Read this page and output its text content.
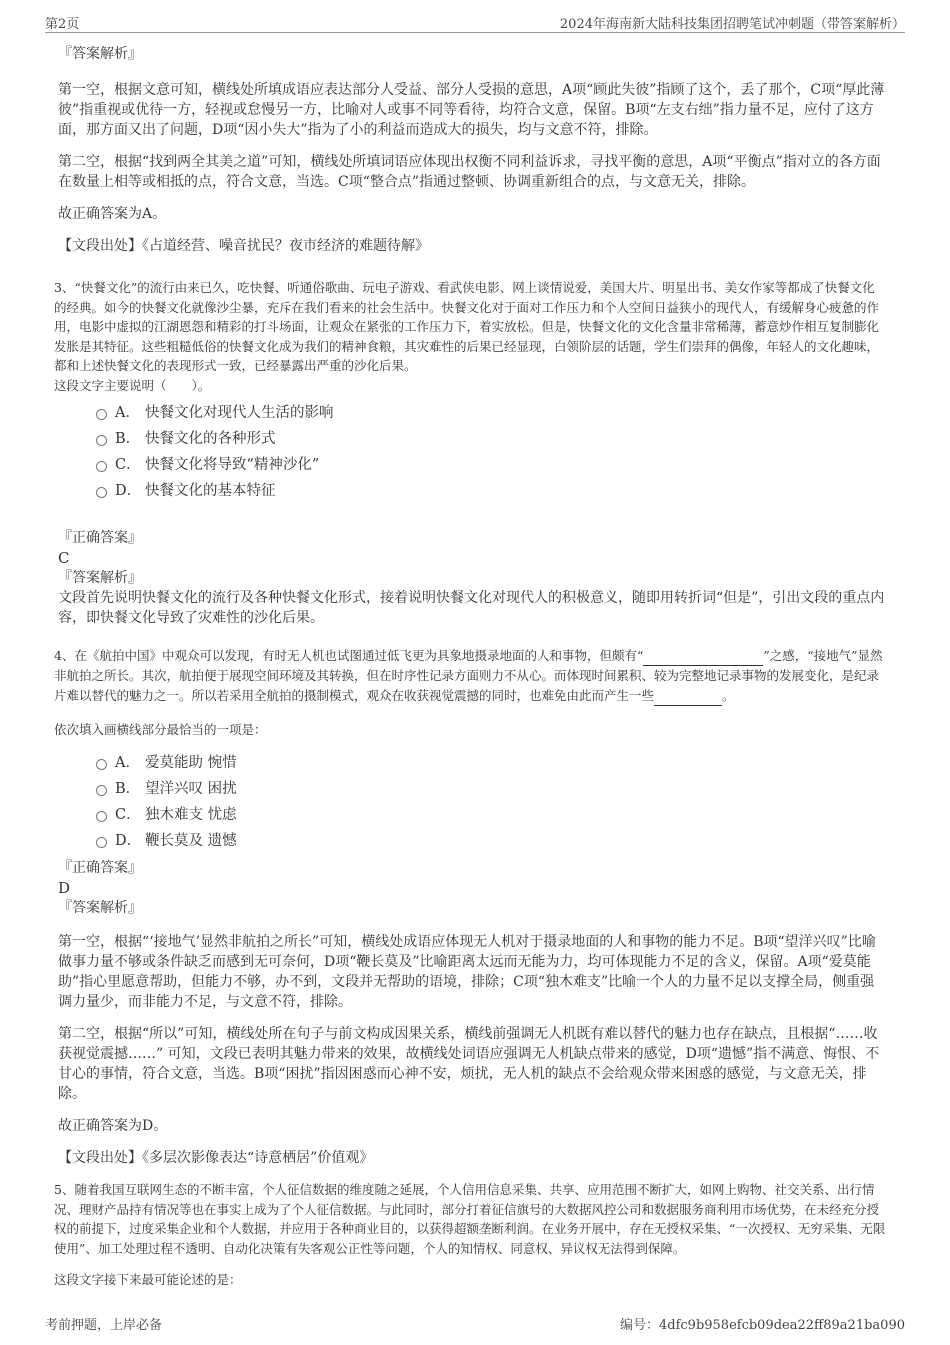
第2页	2024年海南新大陆科技集团招聘笔试冲刺题（带答案解析）
『答案解析』

第一空，根据文意可知，横线处所填成语应表达部分人受益、部分人受损的意思，A项“顾此失彼”指顾了这个，丢了那个，C项“厚此薄彼”指重视或优待一方，轻视或怠慢另一方，比喻对人或事不同等看待，均符合文意，保留。B项“左支右绌”指力量不足，应付了这方面，那方面又出了问题，D项“因小失大”指为了小的利益而造成大的损失，均与文意不符，排除。

第二空，根据“找到两全其美之道”可知，横线处所填词语应体现出权衡不同利益诉求，寻找平衡的意思，A项“平衡点”指对立的各方面在数量上相等或相抵的点，符合文意，当选。C项“整合点”指通过整顿、协调重新组合的点，与文意无关，排除。

故正确答案为A。

【文段出处】《占道经营、噪音扰民？夜市经济的难题待解》

3、“快餐文化”的流行由来已久，吃快餐、听通俗歌曲、玩电子游戏、看武侠电影、网上谈情说爱，美国大片、明星出书、美女作家等都成了快餐文化的经典。如今的快餐文化就像沙尘暴，充斥在我们看来的社会生活中。快餐文化对于面对工作压力和个人空间日益狭小的现代人，有缓解身心疲惫的作用，电影中虚拟的江湖恩怨和精彩的打斗场面，让观众在紧张的工作压力下，着实放松。但是，快餐文化的文化含量非常稀薄，蓄意炒作相互复制膨化发胀是其特征。这些粗糙低俗的快餐文化成为我们的精神食粮，其灾难性的后果已经显现，白领阶层的话题，学生们崇拜的偶像，年轻人的文化趣味，都和上述快餐文化的表现形式一致，已经暴露出严重的沙化后果。

这段文字主要说明（　　）。

A． 快餐文化对现代人生活的影响
B． 快餐文化的各种形式
C． 快餐文化将导致“精神沙化”
D． 快餐文化的基本特征
『正确答案』
C
『答案解析』

文段首先说明快餐文化的流行及各种快餐文化形式，接着说明快餐文化对现代人的积极意义，随即用转折词“但是”，引出文段的重点内容，即快餐文化导致了灾难性的沙化后果。

4、在《航拍中国》中观众可以发现，有时无人机也试图通过低飞更为具象地摄录地面的人和事物，但颇有“	”之感，“接地气”显然非航拍之所长。其次，航拍便于展现空间环境及其转换，但在时序性记录方面则力不从心。而体现时间累积、较为完整地记录事物的发展变化，是纪录片难以替代的魅力之一。所以若采用全航拍的摄制模式，观众在收获视觉震撼的同时，也难免由此而产生一些	。

依次填入画横线部分最恰当的一项是：

A． 爱莫能助 惋惜
B． 望洋兴叹 困扰
C． 独木难支 忧虑
D． 鞭长莫及 遗憾
『正确答案』
D
『答案解析』

第一空，根据“‘接地气’显然非航拍之所长”可知，横线处成语应体现无人机对于摄录地面的人和事物的能力不足。B项“望洋兴叹”比喻做事力量不够或条件缺乏而感到无可奈何，D项“鞭长莫及”比喻距离太远而无能为力，均可体现能力不足的含义，保留。A项“爱莫能助”指心里愿意帮助，但能力不够，办不到，文段并无帮助的语境，排除；C项“独木难支”比喻一个人的力量不足以支撑全局，侧重强调力量少，而非能力不足，与文意不符，排除。

第二空，根据“所以”可知，横线处所在句子与前文构成因果关系，横线前强调无人机既有难以替代的魅力也存在缺点，且根据“……收获视觉震撼……” 可知，文段已表明其魅力带来的效果，故横线处词语应强调无人机缺点带来的感觉，D项“遗憾”指不满意、悔恨、不甘心的事情，符合文意，当选。B项“困扰”指因困惑而心神不安，烦扰，无人机的缺点不会给观众带来困惑的感觉，与文意无关，排除。

故正确答案为D。

【文段出处】《多层次影像表达“诗意栖居”价值观》

5、随着我国互联网生态的不断丰富，个人征信数据的维度随之延展，个人信用信息采集、共享、应用范围不断扩大，如网上购物、社交关系、出行情况、理财产品持有情况等也在事实上成为了个人征信数据。与此同时，部分打着征信旗号的大数据风控公司和数据服务商利用市场优势，在未经充分授权的前提下，过度采集企业和个人数据，并应用于各种商业目的，以获得超额垄断利润。在业务开展中，存在无授权采集、“一次授权、无穷采集、无限使用”、加工处理过程不透明、自动化决策有失客观公正性等问题，个人的知情权、同意权、异议权无法得到保障。

这段文字接下来最可能论述的是：

考前押题，上岸必备	编号：4dfc9b958efcb09dea22ff89a21ba090
